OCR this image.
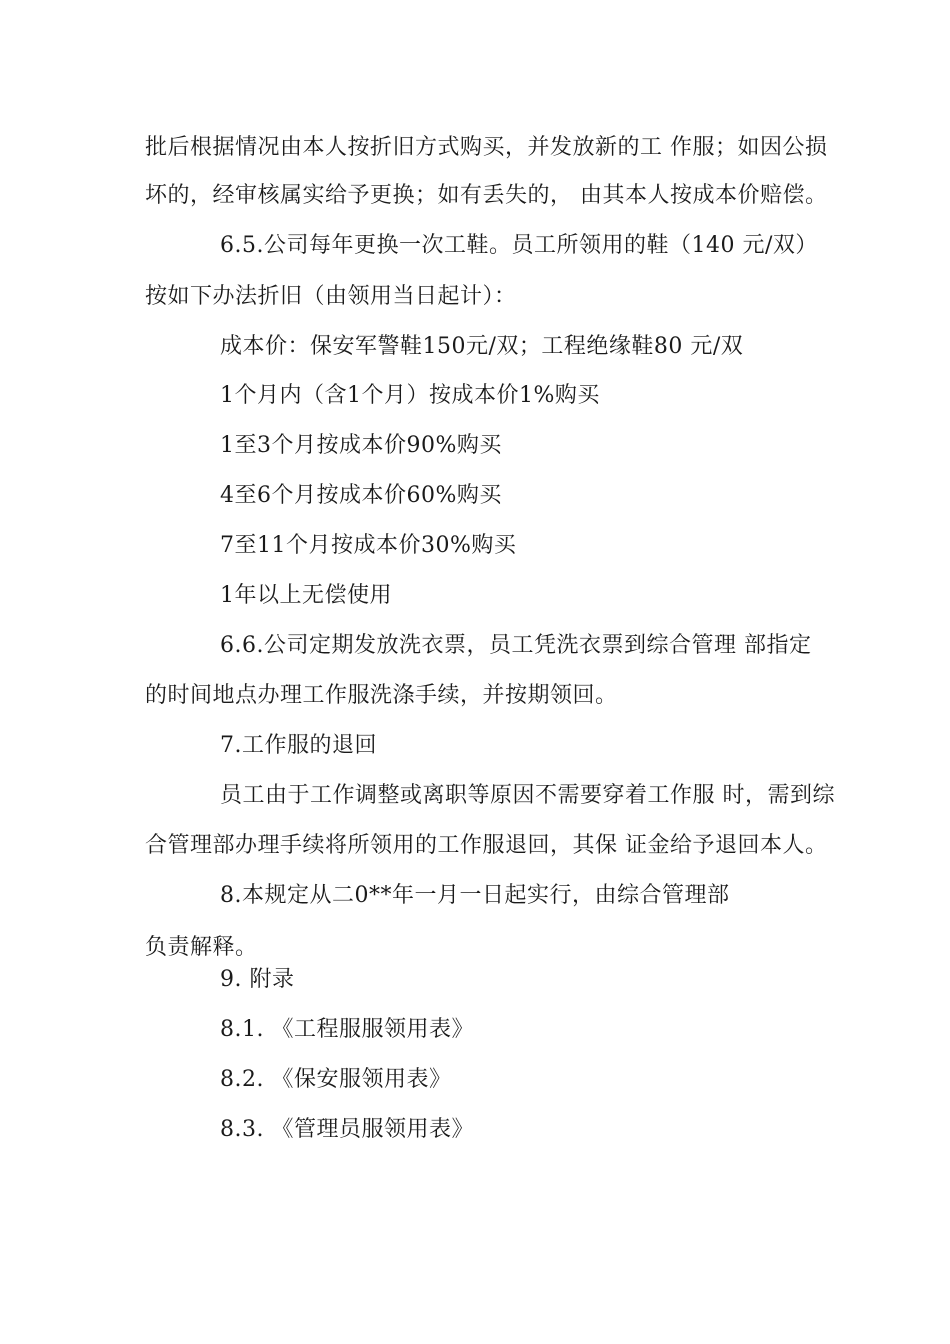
批后根据情况由本人按折旧方式购买，并发放新的工 作服；如因公损
坏的，经审核属实给予更换；如有丢失的， 由其本人按成本价赔偿。
6.5.公司每年更换一次工鞋。员工所领用的鞋（140 元/双）
按如下办法折旧（由领用当日起计）：
成本价：保安军警鞋150元/双；工程绝缘鞋80 元/双
1个月内（含1个月）按成本价1%购买
1至3个月按成本价90%购买
4至6个月按成本价60%购买
7至11个月按成本价30%购买
1年以上无偿使用
6.6.公司定期发放洗衣票，员工凭洗衣票到综合管理 部指定
的时间地点办理工作服洗涤手续，并按期领回。
7.工作服的退回
员工由于工作调整或离职等原因不需要穿着工作服 时，需到综
合管理部办理手续将所领用的工作服退回，其保 证金给予退回本人。
8.本规定从二0**年一月一日起实行，由综合管理部
负责解释。
9. 附录
8.1. 《工程服服领用表》
8.2. 《保安服领用表》
8.3. 《管理员服领用表》
